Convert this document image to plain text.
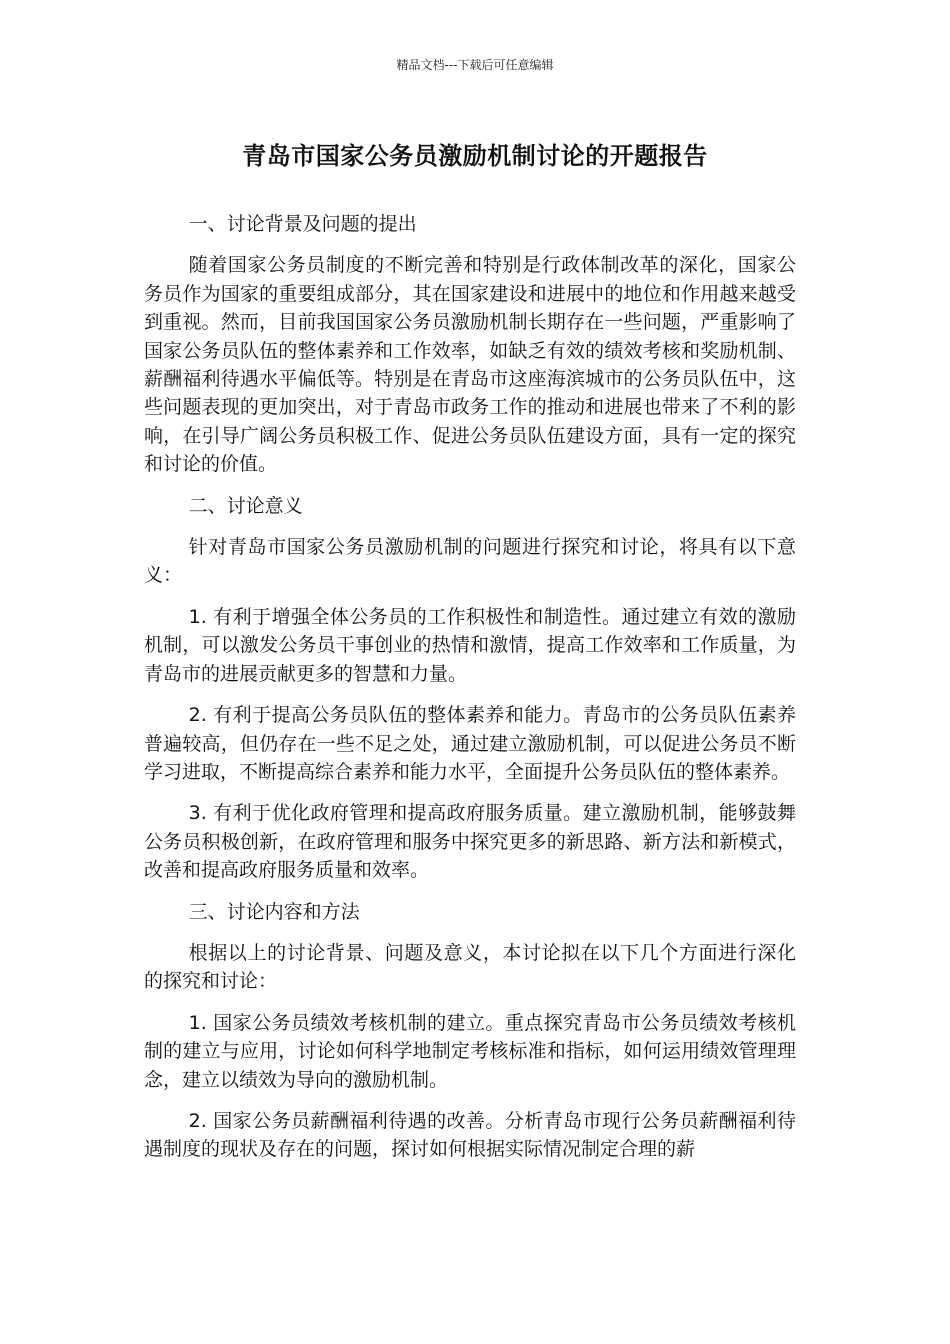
精品文档---下载后可任意编辑
青岛市国家公务员激励机制讨论的开题报告

一、讨论背景及问题的提出

随着国家公务员制度的不断完善和特别是行政体制改革的深化，国家公务员作为国家的重要组成部分，其在国家建设和进展中的地位和作用越来越受到重视。然而，目前我国国家公务员激励机制长期存在一些问题，严重影响了国家公务员队伍的整体素养和工作效率，如缺乏有效的绩效考核和奖励机制、薪酬福利待遇水平偏低等。特别是在青岛市这座海滨城市的公务员队伍中，这些问题表现的更加突出，对于青岛市政务工作的推动和进展也带来了不利的影响，在引导广阔公务员积极工作、促进公务员队伍建设方面，具有一定的探究和讨论的价值。

二、讨论意义

针对青岛市国家公务员激励机制的问题进行探究和讨论，将具有以下意义：

1. 有利于增强全体公务员的工作积极性和制造性。通过建立有效的激励机制，可以激发公务员干事创业的热情和激情，提高工作效率和工作质量，为青岛市的进展贡献更多的智慧和力量。

2. 有利于提高公务员队伍的整体素养和能力。青岛市的公务员队伍素养普遍较高，但仍存在一些不足之处，通过建立激励机制，可以促进公务员不断学习进取，不断提高综合素养和能力水平，全面提升公务员队伍的整体素养。

3. 有利于优化政府管理和提高政府服务质量。建立激励机制，能够鼓舞公务员积极创新，在政府管理和服务中探究更多的新思路、新方法和新模式，改善和提高政府服务质量和效率。

三、讨论内容和方法

根据以上的讨论背景、问题及意义，本讨论拟在以下几个方面进行深化的探究和讨论：

1. 国家公务员绩效考核机制的建立。重点探究青岛市公务员绩效考核机制的建立与应用，讨论如何科学地制定考核标准和指标，如何运用绩效管理理念，建立以绩效为导向的激励机制。

2. 国家公务员薪酬福利待遇的改善。分析青岛市现行公务员薪酬福利待遇制度的现状及存在的问题，探讨如何根据实际情况制定合理的薪
